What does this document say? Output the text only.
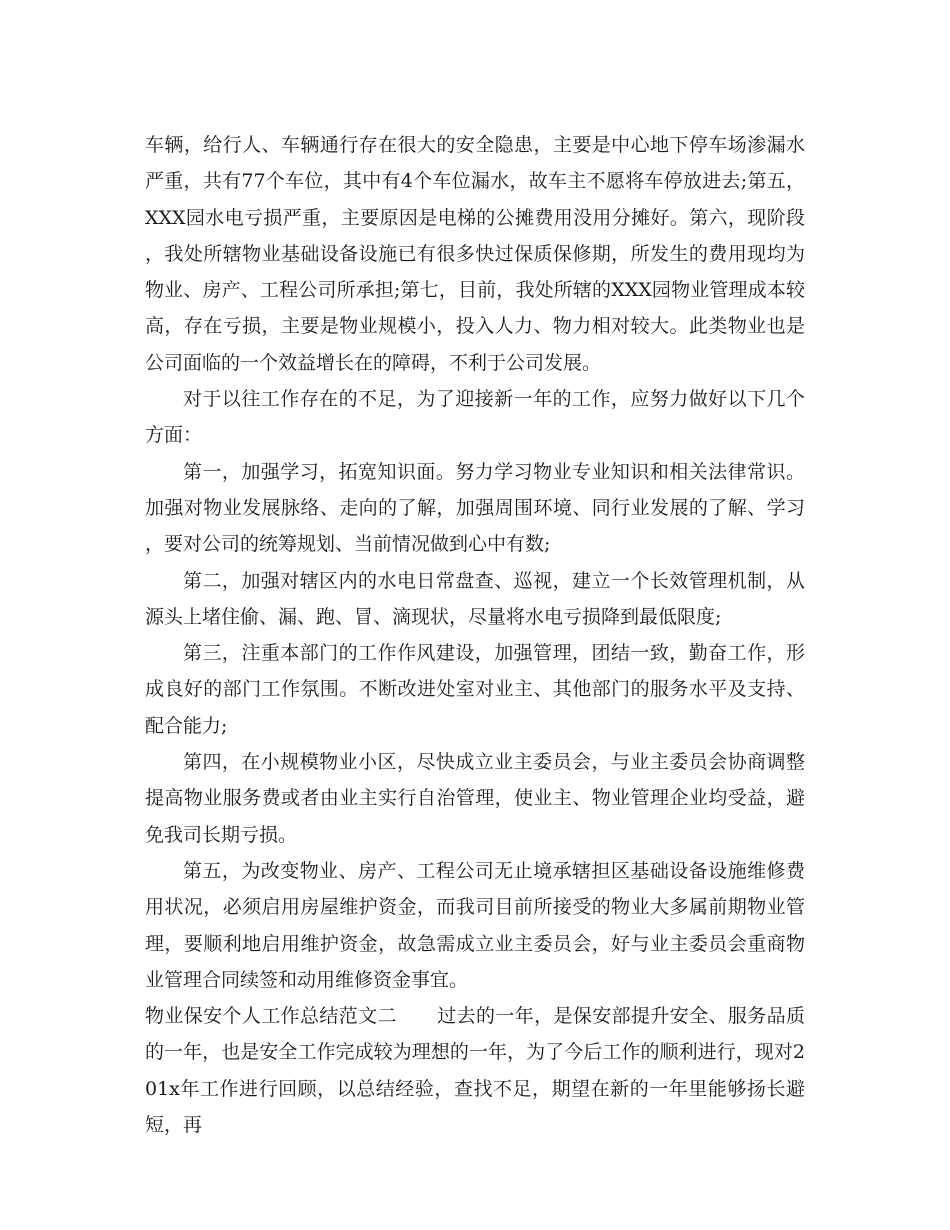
车辆，给行人、车辆通行存在很大的安全隐患，主要是中心地下停车场渗漏水严重，共有77个车位，其中有4个车位漏水，故车主不愿将车停放进去;第五，XXX园水电亏损严重，主要原因是电梯的公摊费用没用分摊好。第六，现阶段，我处所辖物业基础设备设施已有很多快过保质保修期，所发生的费用现均为物业、房产、工程公司所承担;第七，目前，我处所辖的XXX园物业管理成本较高，存在亏损，主要是物业规模小，投入人力、物力相对较大。此类物业也是公司面临的一个效益增长在的障碍，不利于公司发展。

对于以往工作存在的不足，为了迎接新一年的工作，应努力做好以下几个方面：

第一，加强学习，拓宽知识面。努力学习物业专业知识和相关法律常识。加强对物业发展脉络、走向的了解，加强周围环境、同行业发展的了解、学习，要对公司的统筹规划、当前情况做到心中有数;

第二，加强对辖区内的水电日常盘查、巡视，建立一个长效管理机制，从源头上堵住偷、漏、跑、冒、滴现状，尽量将水电亏损降到最低限度;

第三，注重本部门的工作作风建设，加强管理，团结一致，勤奋工作，形成良好的部门工作氛围。不断改进处室对业主、其他部门的服务水平及支持、配合能力;

第四，在小规模物业小区，尽快成立业主委员会，与业主委员会协商调整提高物业服务费或者由业主实行自治管理，使业主、物业管理企业均受益，避免我司长期亏损。

第五，为改变物业、房产、工程公司无止境承辖担区基础设备设施维修费用状况，必须启用房屋维护资金，而我司目前所接受的物业大多属前期物业管理，要顺利地启用维护资金，故急需成立业主委员会，好与业主委员会重商物业管理合同续签和动用维修资金事宜。

物业保安个人工作总结范文二 过去的一年，是保安部提升安全、服务品质的一年，也是安全工作完成较为理想的一年，为了今后工作的顺利进行，现对201x年工作进行回顾，以总结经验，查找不足，期望在新的一年里能够扬长避短，再
